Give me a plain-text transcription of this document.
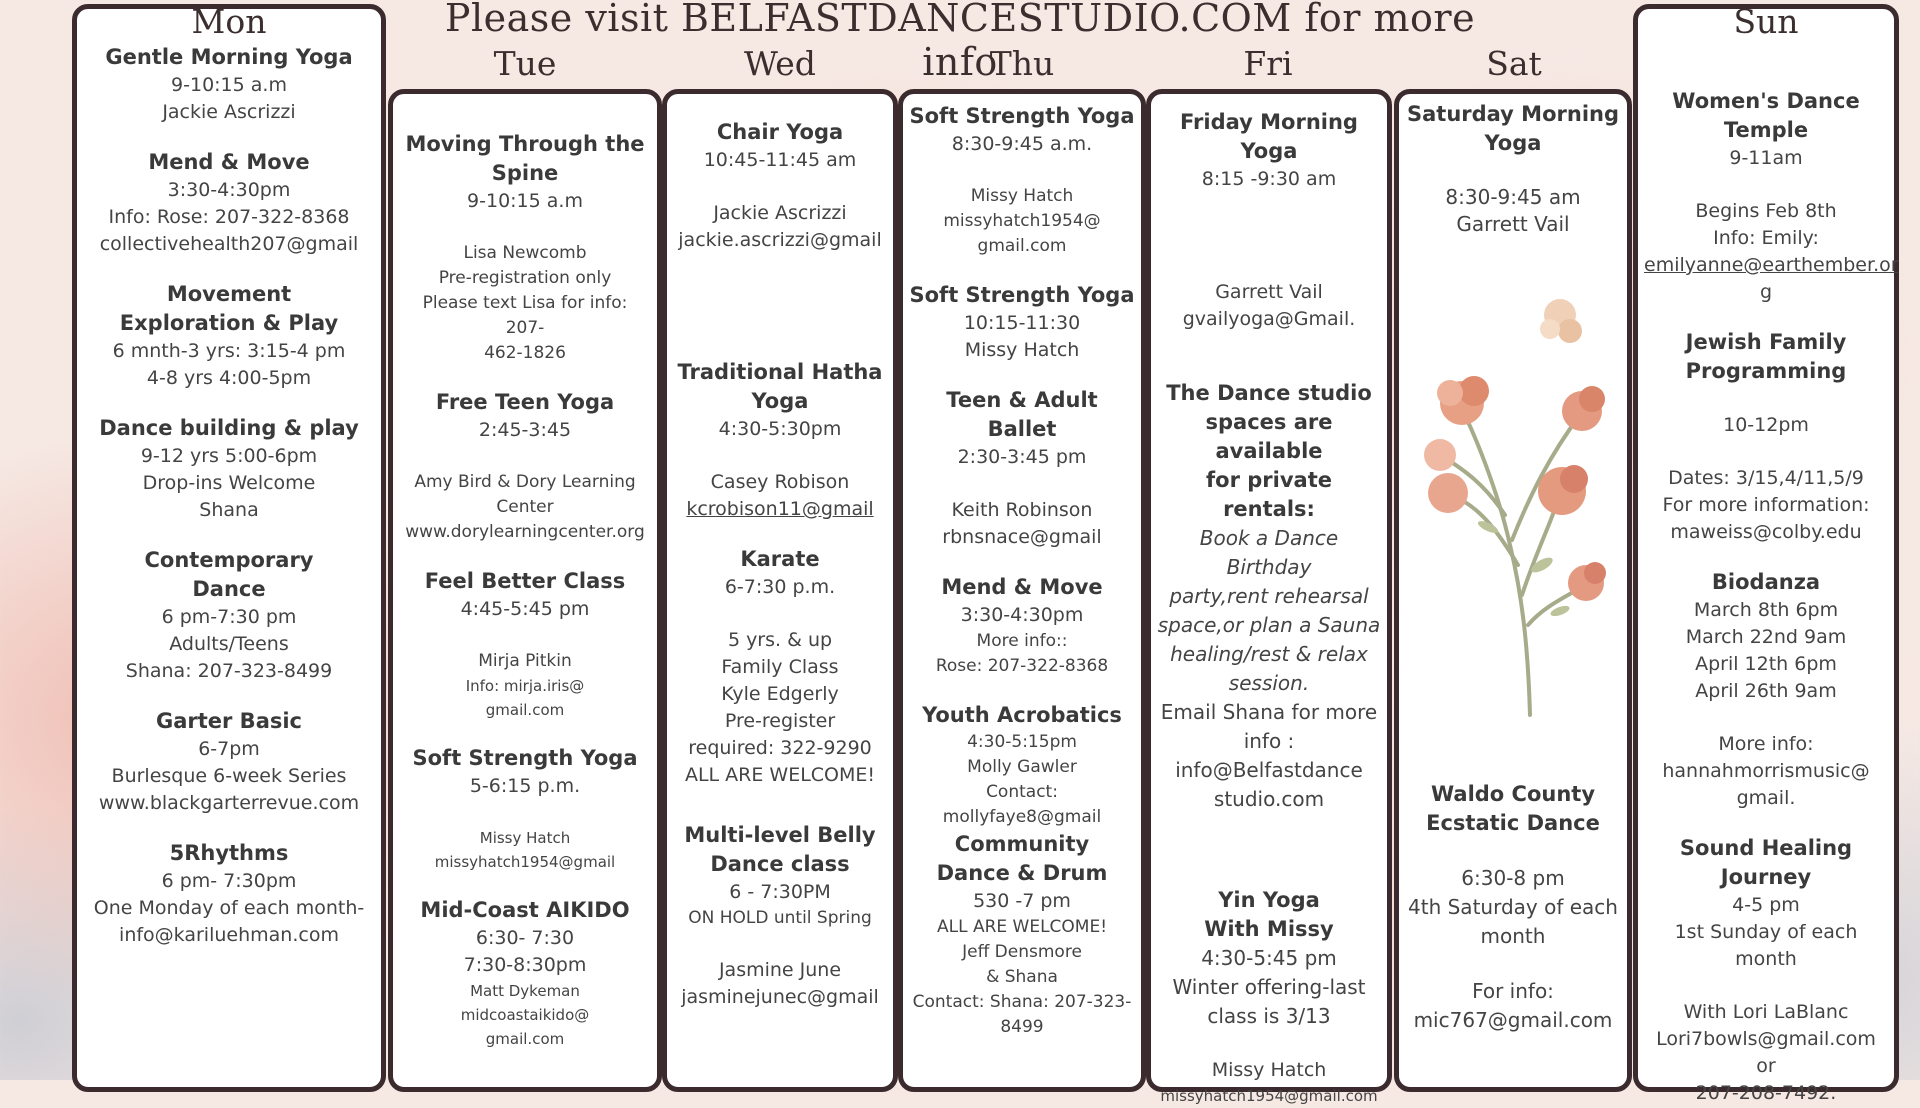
Please visit BELFASTDANCESTUDIO.COM for more info
Tue	Wed	Thu	Fri	Sat
Mon
Gentle Morning Yoga
9-10:15 a.m
Jackie Ascrizzi
Mend & Move
3:30-4:30pm
Info: Rose: 207-322-8368
collectivehealth207@gmail
Movement
Exploration & Play
6 mnth-3 yrs: 3:15-4 pm
4-8 yrs 4:00-5pm
Dance building & play
9-12 yrs 5:00-6pm
Drop-ins Welcome
Shana
Contemporary
Dance
6 pm-7:30 pm
Adults/Teens
Shana: 207-323-8499
Garter Basic
6-7pm
Burlesque 6-week Series
www.blackgarterrevue.com
5Rhythms
6 pm- 7:30pm
One Monday of each month-
info@kariluehman.com
Moving Through the
Spine
9-10:15 a.m
Lisa Newcomb
Pre-registration only
Please text Lisa for info: 207-
462-1826
Free Teen Yoga
2:45-3:45
Amy Bird & Dory Learning
Center
www.dorylearningcenter.org
Feel Better Class
4:45-5:45 pm
Mirja Pitkin
Info: mirja.iris@
gmail.com
Soft Strength Yoga
5-6:15 p.m.
Missy Hatch
missyhatch1954@gmail
Mid-Coast AIKIDO
6:30- 7:30
7:30-8:30pm
Matt Dykeman
midcoastaikido@
gmail.com
Chair Yoga
10:45-11:45 am
Jackie Ascrizzi
jackie.ascrizzi@gmail
Traditional Hatha
Yoga
4:30-5:30pm
Casey Robison
kcrobison11@gmail
Karate
6-7:30 p.m.
5 yrs. & up
Family Class
Kyle Edgerly
Pre-register
required: 322-9290
ALL ARE WELCOME!
Multi-level Belly
Dance class
6 - 7:30PM
ON HOLD until Spring
Jasmine June
jasminejunec@gmail
Soft Strength Yoga
8:30-9:45 a.m.
Missy Hatch
missyhatch1954@
gmail.com
Soft Strength Yoga
10:15-11:30
Missy Hatch
Teen & Adult Ballet
2:30-3:45 pm
Keith Robinson
rbnsnace@gmail
Mend & Move
3:30-4:30pm
More info::
Rose: 207-322-8368
Youth Acrobatics
4:30-5:15pm
Molly Gawler
Contact:
mollyfaye8@gmail
Community
Dance & Drum
530 -7 pm
ALL ARE WELCOME!
Jeff Densmore
& Shana
Contact: Shana: 207-323-
8499
Friday Morning Yoga
8:15 -9:30 am
Garrett Vail
gvailyoga@Gmail.
The Dance studio
spaces are available
for private rentals:
Book a Dance Birthday
party,rent rehearsal
space,or plan a Sauna
healing/rest & relax
session.
Email Shana for more
info :
info@Belfastdance
studio.com
Yin Yoga
With Missy
4:30-5:45 pm
Winter offering-last
class is 3/13
Missy Hatch
missyhatch1954@gmail.com
Saturday Morning
Yoga
8:30-9:45 am
Garrett Vail
Waldo County
Ecstatic Dance
6:30-8 pm
4th Saturday of each
month
For info:
mic767@gmail.com
Sun
Women's Dance Temple
9-11am
Begins Feb 8th
Info: Emily:
emilyanne@earthember.or
g
Jewish Family
Programming
10-12pm
Dates: 3/15,4/11,5/9
For more information:
maweiss@colby.edu
Biodanza
March 8th 6pm
March 22nd 9am
April 12th 6pm
April 26th 9am
More info:
hannahmorrismusic@
gmail.
Sound Healing Journey
4-5 pm
1st Sunday of each month
With Lori LaBlanc
Lori7bowls@gmail.com or
207-208-7492.
